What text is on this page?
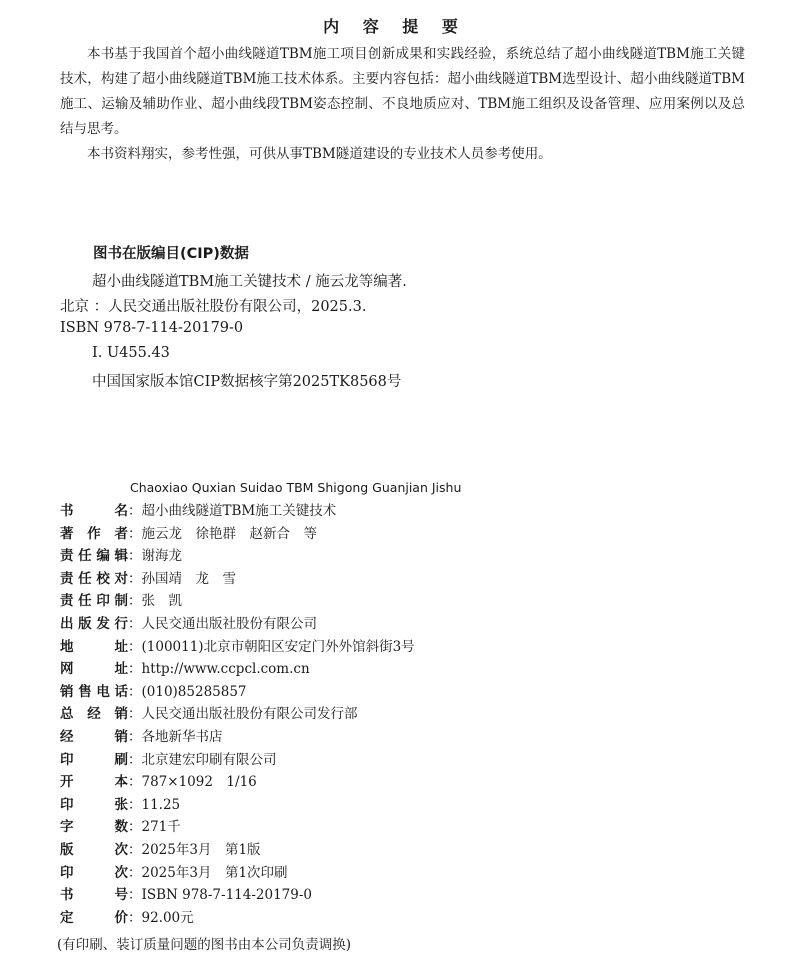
内 容 提 要

本书基于我国首个超小曲线隧道TBM施工项目创新成果和实践经验，系统总结了超小曲线隧道TBM施工关键技术，构建了超小曲线隧道TBM施工技术体系。主要内容包括：超小曲线隧道TBM选型设计、超小曲线隧道TBM施工、运输及辅助作业、超小曲线段TBM姿态控制、不良地质应对、TBM施工组织及设备管理、应用案例以及总结与思考。

本书资料翔实，参考性强，可供从事TBM隧道建设的专业技术人员参考使用。

图书在版编目(CIP)数据
超小曲线隧道TBM施工关键技术 / 施云龙等编著.
北京 ：人民交通出版社股份有限公司，2025.3.
ISBN 978-7-114-20179-0
Ⅰ. U455.43
中国国家版本馆CIP数据核字第2025TK8568号
Chaoxiao Quxian Suidao TBM Shigong Guanjian Jishu
书名 ： 超小曲线隧道TBM施工关键技术
著作者 ： 施云龙　徐艳群　赵新合　等
责任编辑 ： 谢海龙
责任校对 ： 孙国靖　龙　雪
责任印制 ： 张　凯
出版发行 ： 人民交通出版社股份有限公司
地址 ： (100011)北京市朝阳区安定门外外馆斜街3号
网址 ： http://www.ccpcl.com.cn
销售电话 ： (010)85285857
总经销 ： 人民交通出版社股份有限公司发行部
经销 ： 各地新华书店
印刷 ： 北京建宏印刷有限公司
开本 ： 787×1092　1/16
印张 ： 11.25
字数 ： 271千
版次 ： 2025年3月　第1版
印次 ： 2025年3月　第1次印刷
书号 ： ISBN 978-7-114-20179-0
定价 ： 92.00元
(有印刷、装订质量问题的图书由本公司负责调换)
